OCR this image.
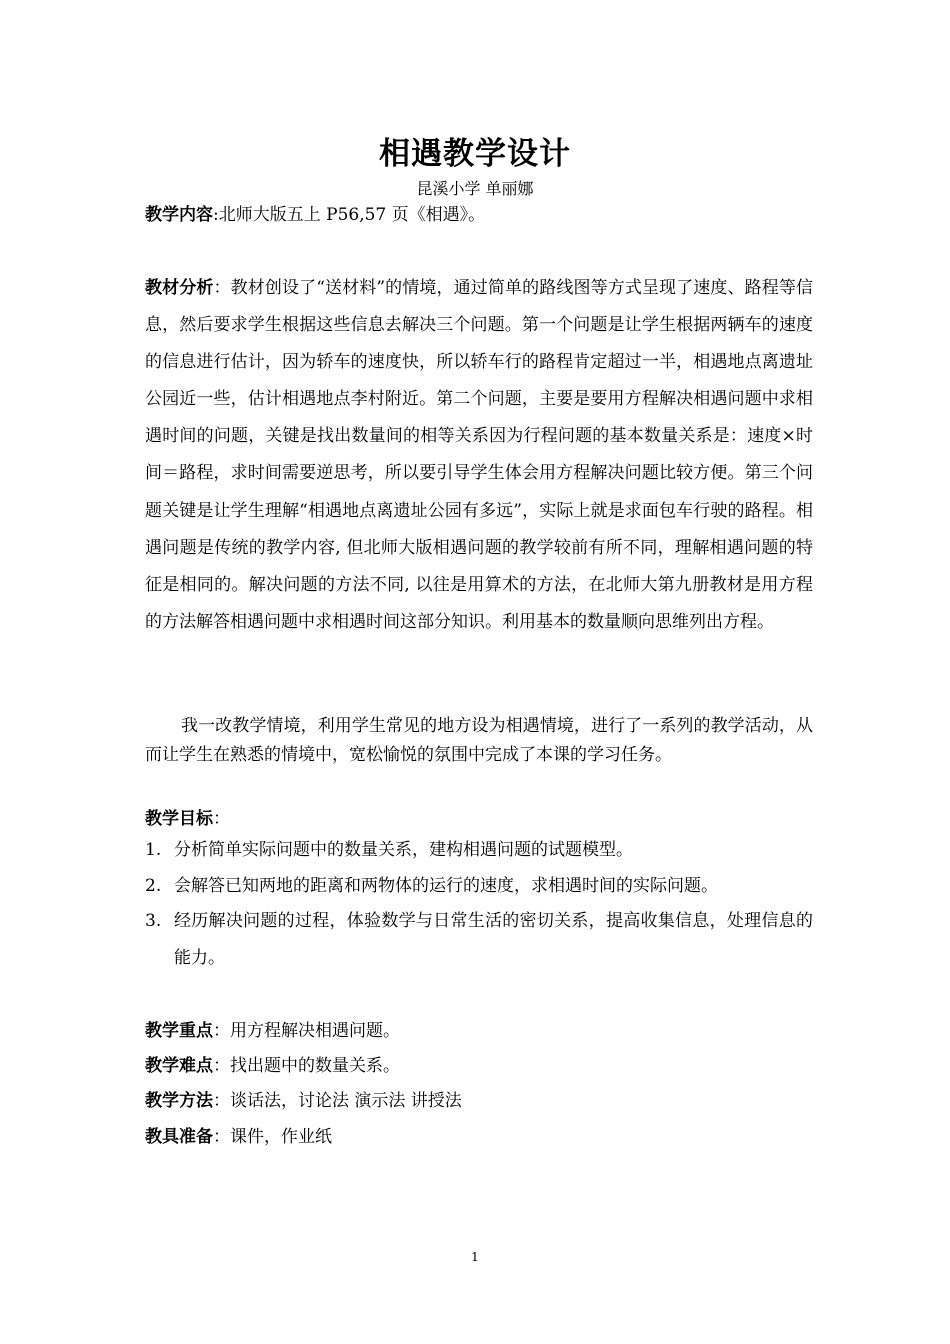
相遇教学设计
昆溪小学 单丽娜
教学内容:北师大版五上 P56,57 页《相遇》。
教材分析：教材创设了“送材料”的情境，通过简单的路线图等方式呈现了速度、路程等信息，然后要求学生根据这些信息去解决三个问题。第一个问题是让学生根据两辆车的速度的信息进行估计，因为轿车的速度快，所以轿车行的路程肯定超过一半，相遇地点离遗址公园近一些，估计相遇地点李村附近。第二个问题，主要是要用方程解决相遇问题中求相遇时间的问题，关键是找出数量间的相等关系因为行程问题的基本数量关系是：速度×时间＝路程，求时间需要逆思考，所以要引导学生体会用方程解决问题比较方便。第三个问题关键是让学生理解“相遇地点离遗址公园有多远”，实际上就是求面包车行驶的路程。相遇问题是传统的教学内容, 但北师大版相遇问题的教学较前有所不同，理解相遇问题的特征是相同的。解决问题的方法不同, 以往是用算术的方法，在北师大第九册教材是用方程的方法解答相遇问题中求相遇时间这部分知识。利用基本的数量顺向思维列出方程。
我一改教学情境，利用学生常见的地方设为相遇情境，进行了一系列的教学活动，从而让学生在熟悉的情境中，宽松愉悦的氛围中完成了本课的学习任务。
教学目标：
1. 分析简单实际问题中的数量关系，建构相遇问题的试题模型。
2. 会解答已知两地的距离和两物体的运行的速度，求相遇时间的实际问题。
3. 经历解决问题的过程，体验数学与日常生活的密切关系，提高收集信息，处理信息的能力。
教学重点：用方程解决相遇问题。
教学难点：找出题中的数量关系。
教学方法：谈话法，讨论法 演示法 讲授法
教具准备：课件，作业纸
1
